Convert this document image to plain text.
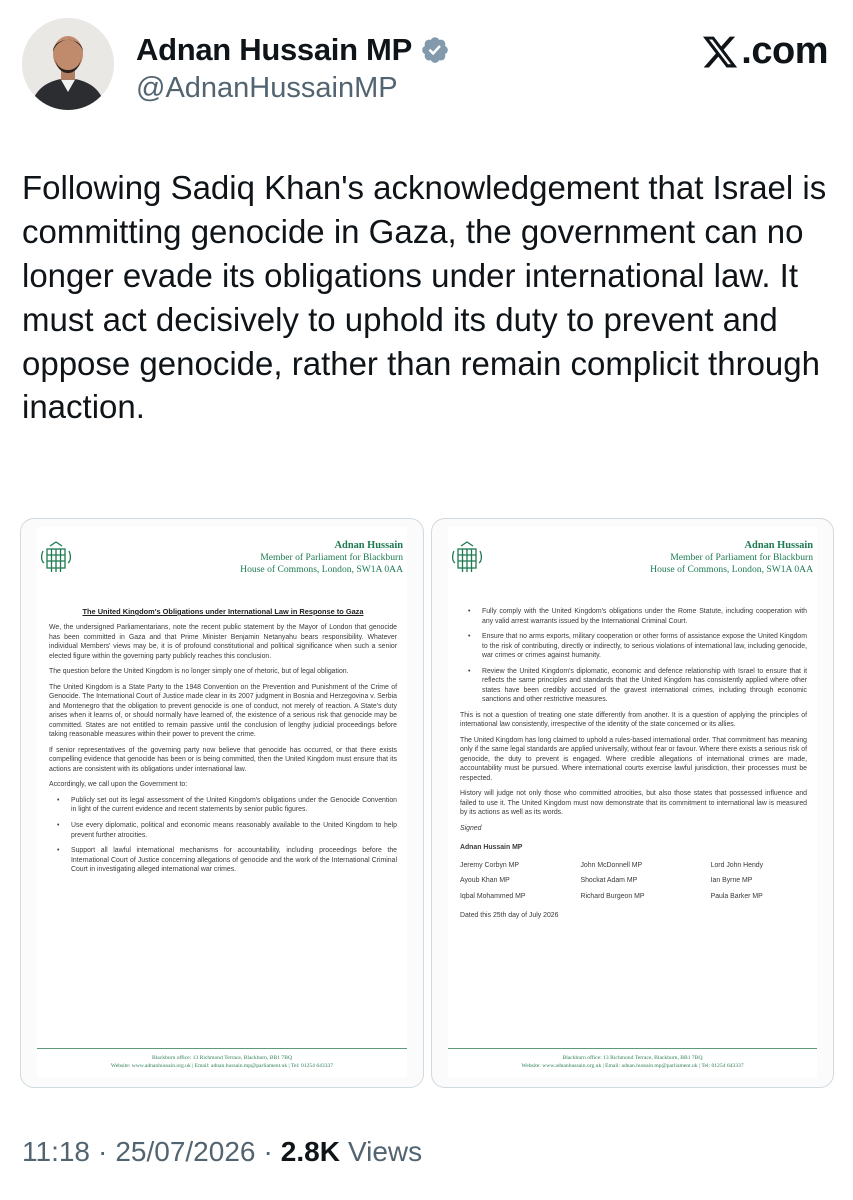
Adnan Hussain MP
@AdnanHussainMP
.com
Following Sadiq Khan's acknowledgement that Israel is committing genocide in Gaza, the government can no longer evade its obligations under international law. It must act decisively to uphold its duty to prevent and oppose genocide, rather than remain complicit through inaction.
Adnan Hussain
Member of Parliament for Blackburn
House of Commons, London, SW1A 0AA
The United Kingdom's Obligations under International Law in Response to Gaza

We, the undersigned Parliamentarians, note the recent public statement by the Mayor of London that genocide has been committed in Gaza and that Prime Minister Benjamin Netanyahu bears responsibility. Whatever individual Members' views may be, it is of profound constitutional and political significance when such a senior elected figure within the governing party publicly reaches this conclusion.

The question before the United Kingdom is no longer simply one of rhetoric, but of legal obligation.

The United Kingdom is a State Party to the 1948 Convention on the Prevention and Punishment of the Crime of Genocide. The International Court of Justice made clear in its 2007 judgment in Bosnia and Herzegovina v. Serbia and Montenegro that the obligation to prevent genocide is one of conduct, not merely of reaction. A State's duty arises when it learns of, or should normally have learned of, the existence of a serious risk that genocide may be committed. States are not entitled to remain passive until the conclusion of lengthy judicial proceedings before taking reasonable measures within their power to prevent the crime.

If senior representatives of the governing party now believe that genocide has occurred, or that there exists compelling evidence that genocide has been or is being committed, then the United Kingdom must ensure that its actions are consistent with its obligations under international law.

Accordingly, we call upon the Government to:

• Publicly set out its legal assessment of the United Kingdom's obligations under the Genocide Convention in light of the current evidence and recent statements by senior public figures.
• Use every diplomatic, political and economic means reasonably available to the United Kingdom to help prevent further atrocities.
• Support all lawful international mechanisms for accountability, including proceedings before the International Court of Justice concerning allegations of genocide and the work of the International Criminal Court in investigating alleged international war crimes.
Blackburn office: 13 Richmond Terrace, Blackburn, BB1 7BQ
Website: www.adnanhussain.org.uk | Email: adnan.hussain.mp@parliament.uk | Tel: 01254 643337
Adnan Hussain
Member of Parliament for Blackburn
House of Commons, London, SW1A 0AA
• Fully comply with the United Kingdom's obligations under the Rome Statute, including cooperation with any valid arrest warrants issued by the International Criminal Court.
• Ensure that no arms exports, military cooperation or other forms of assistance expose the United Kingdom to the risk of contributing, directly or indirectly, to serious violations of international law, including genocide, war crimes or crimes against humanity.
• Review the United Kingdom's diplomatic, economic and defence relationship with Israel to ensure that it reflects the same principles and standards that the United Kingdom has consistently applied where other states have been credibly accused of the gravest international crimes, including through economic sanctions and other restrictive measures.

This is not a question of treating one state differently from another. It is a question of applying the principles of international law consistently, irrespective of the identity of the state concerned or its allies.

The United Kingdom has long claimed to uphold a rules-based international order. That commitment has meaning only if the same legal standards are applied universally, without fear or favour. Where there exists a serious risk of genocide, the duty to prevent is engaged. Where credible allegations of international crimes are made, accountability must be pursued. Where international courts exercise lawful jurisdiction, their processes must be respected.

History will judge not only those who committed atrocities, but also those states that possessed influence and failed to use it. The United Kingdom must now demonstrate that its commitment to international law is measured by its actions as well as its words.

Signed

Adnan Hussain MP

Jeremy Corbyn MP	John McDonnell MP	Lord John Hendy
Ayoub Khan MP	Shockat Adam MP	Ian Byrne MP
Iqbal Mohammed MP	Richard Burgeon MP	Paula Barker MP

Dated this 25th day of July 2026

Blackburn office: 13 Richmond Terrace, Blackburn, BB1 7BQ
Website: www.adnanhussain.org.uk | Email: adnan.hussain.mp@parliament.uk | Tel: 01254 643337
11:18 · 25/07/2026 · 2.8K Views
